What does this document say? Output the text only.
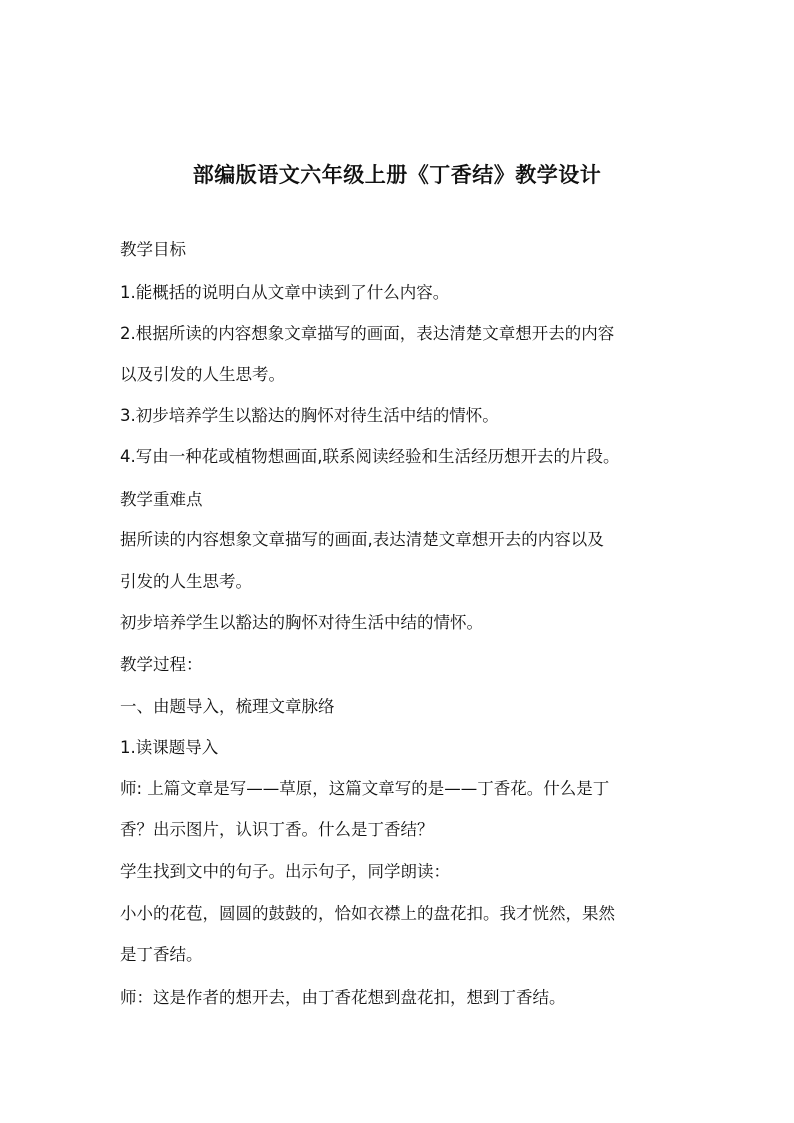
部编版语文六年级上册《丁香结》教学设计
教学目标
1.能概括的说明白从文章中读到了什么内容。
2.根据所读的内容想象文章描写的画面，表达清楚文章想开去的内容
以及引发的人生思考。
3.初步培养学生以豁达的胸怀对待生活中结的情怀。
4.写由一种花或植物想画面,联系阅读经验和生活经历想开去的片段。
教学重难点
据所读的内容想象文章描写的画面,表达清楚文章想开去的内容以及
引发的人生思考。
初步培养学生以豁达的胸怀对待生活中结的情怀。
教学过程：
一、由题导入，梳理文章脉络
1.读课题导入
师: 上篇文章是写——草原，这篇文章写的是——丁香花。什么是丁
香？出示图片，认识丁香。什么是丁香结？
学生找到文中的句子。出示句子，同学朗读：
小小的花苞，圆圆的鼓鼓的，恰如衣襟上的盘花扣。我才恍然，果然
是丁香结。
师：这是作者的想开去，由丁香花想到盘花扣，想到丁香结。
